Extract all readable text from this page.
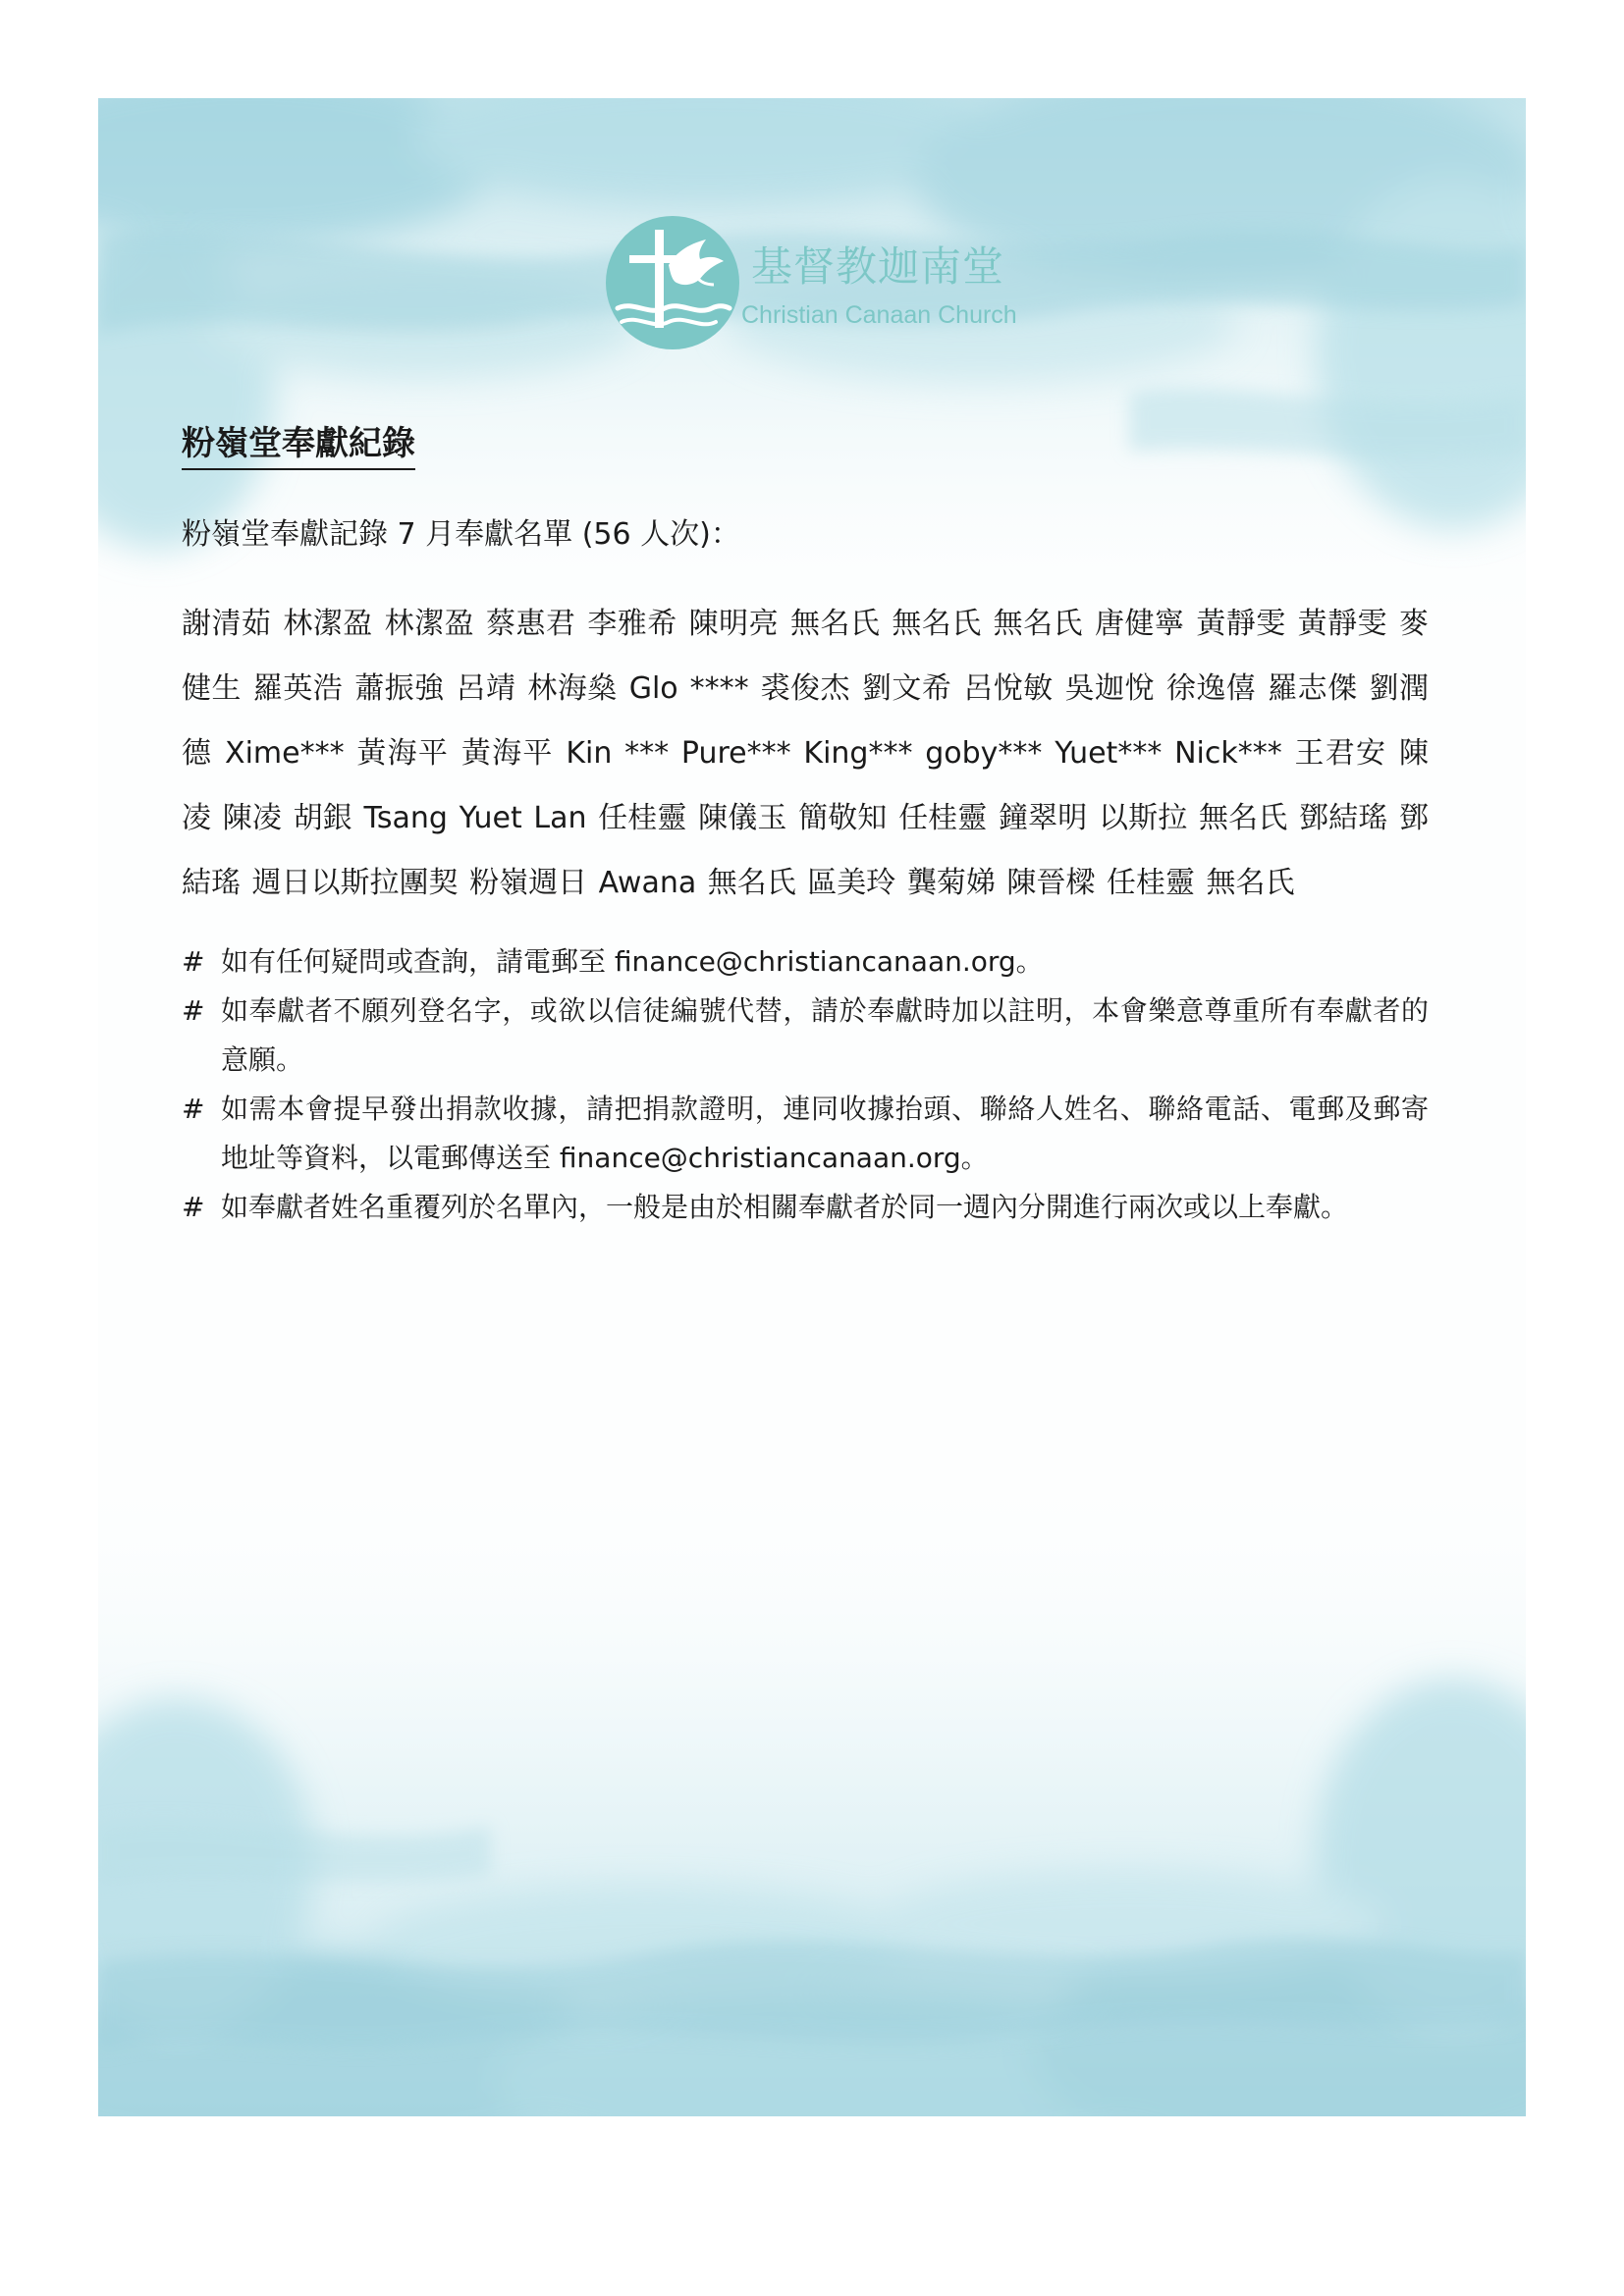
基督教迦南堂
Christian Canaan Church
粉嶺堂奉獻紀錄
粉嶺堂奉獻記錄 7 月奉獻名單 (56 人次)：
謝清茹 林潔盈 林潔盈 蔡惠君 李雅希 陳明亮 無名氏 無名氏 無名氏 唐健寧 黃靜雯 黃靜雯 麥健生 羅英浩 蕭振強 呂靖 林海燊 Glo **** 裘俊杰 劉文希 呂悅敏 吳迦悅 徐逸僖 羅志傑 劉潤德 Xime*** 黃海平 黃海平 Kin *** Pure*** King*** goby*** Yuet*** Nick*** 王君安 陳凌 陳凌 胡銀 Tsang Yuet Lan 任桂靈 陳儀玉 簡敬知 任桂靈 鐘翠明 以斯拉 無名氏 鄧結瑤 鄧結瑤 週日以斯拉團契 粉嶺週日 Awana 無名氏 區美玲 龔菊娣 陳晉樑 任桂靈 無名氏
# 如有任何疑問或查詢，請電郵至 finance@christiancanaan.org。
# 如奉獻者不願列登名字，或欲以信徒編號代替，請於奉獻時加以註明，本會樂意尊重所有奉獻者的意願。
# 如需本會提早發出捐款收據，請把捐款證明，連同收據抬頭、聯絡人姓名、聯絡電話、電郵及郵寄地址等資料，以電郵傳送至 finance@christiancanaan.org。
# 如奉獻者姓名重覆列於名單內，一般是由於相關奉獻者於同一週內分開進行兩次或以上奉獻。
